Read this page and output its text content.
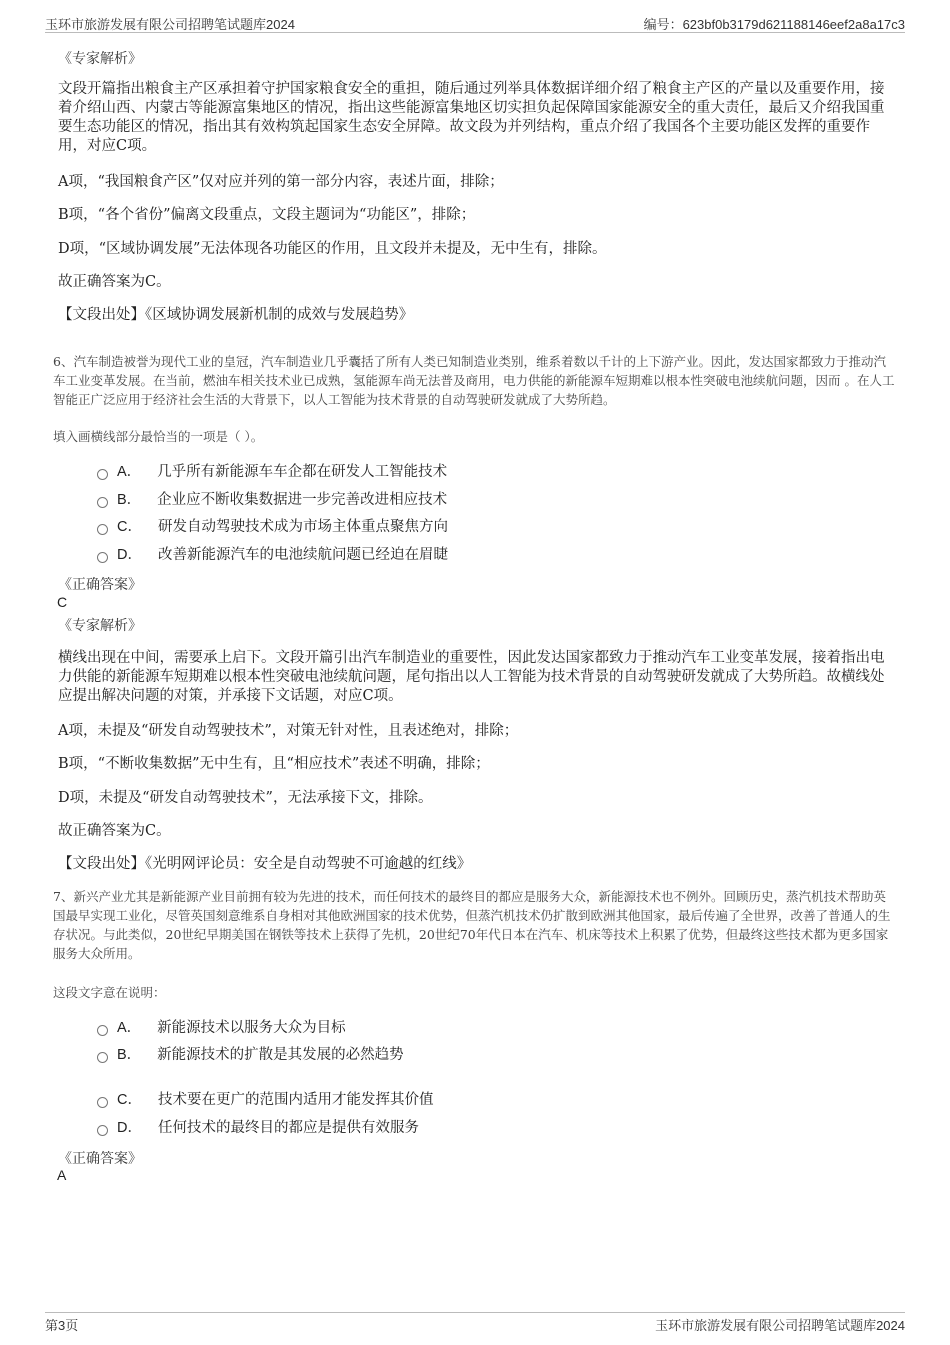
玉环市旅游发展有限公司招聘笔试题库2024	编号：623bf0b3179d621188146eef2a8a17c3
《专家解析》

文段开篇指出粮食主产区承担着守护国家粮食安全的重担，随后通过列举具体数据详细介绍了粮食主产区的产量以及重要作用，接着介绍山西、内蒙古等能源富集地区的情况，指出这些能源富集地区切实担负起保障国家能源安全的重大责任，最后又介绍我国重要生态功能区的情况，指出其有效构筑起国家生态安全屏障。故文段为并列结构，重点介绍了我国各个主要功能区发挥的重要作用，对应C项。

A项，“我国粮食产区”仅对应并列的第一部分内容，表述片面，排除；
B项，“各个省份”偏离文段重点，文段主题词为“功能区”，排除；
D项，“区域协调发展”无法体现各功能区的作用，且文段并未提及，无中生有，排除。
故正确答案为C。
【文段出处】《区域协调发展新机制的成效与发展趋势》

6、汽车制造被誉为现代工业的皇冠，汽车制造业几乎囊括了所有人类已知制造业类别，维系着数以千计的上下游产业。因此，发达国家都致力于推动汽车工业变革发展。在当前，燃油车相关技术业已成熟，氢能源车尚无法普及商用，电力供能的新能源车短期难以根本性突破电池续航问题，因而 。在人工智能正广泛应用于经济社会生活的大背景下，以人工智能为技术背景的自动驾驶研发就成了大势所趋。

填入画横线部分最恰当的一项是（ ）。
A． 几乎所有新能源车车企都在研发人工智能技术
B． 企业应不断收集数据进一步完善改进相应技术
C． 研发自动驾驶技术成为市场主体重点聚焦方向
D． 改善新能源汽车的电池续航问题已经迫在眉睫
《正确答案》
C
《专家解析》

横线出现在中间，需要承上启下。文段开篇引出汽车制造业的重要性，因此发达国家都致力于推动汽车工业变革发展，接着指出电力供能的新能源车短期难以根本性突破电池续航问题，尾句指出以人工智能为技术背景的自动驾驶研发就成了大势所趋。故横线处应提出解决问题的对策，并承接下文话题，对应C项。

A项，未提及“研发自动驾驶技术”，对策无针对性，且表述绝对，排除；
B项，“不断收集数据”无中生有，且“相应技术”表述不明确，排除；
D项，未提及“研发自动驾驶技术”，无法承接下文，排除。
故正确答案为C。
【文段出处】《光明网评论员：安全是自动驾驶不可逾越的红线》

7、新兴产业尤其是新能源产业目前拥有较为先进的技术，而任何技术的最终目的都应是服务大众，新能源技术也不例外。回顾历史，蒸汽机技术帮助英国最早实现工业化，尽管英国刻意维系自身相对其他欧洲国家的技术优势，但蒸汽机技术仍扩散到欧洲其他国家，最后传遍了全世界，改善了普通人的生存状况。与此类似，20世纪早期美国在钢铁等技术上获得了先机，20世纪70年代日本在汽车、机床等技术上积累了优势，但最终这些技术都为更多国家服务大众所用。

这段文字意在说明：
A． 新能源技术以服务大众为目标
B． 新能源技术的扩散是其发展的必然趋势
C． 技术要在更广的范围内适用才能发挥其价值
D． 任何技术的最终目的都应是提供有效服务
《正确答案》
A
第3页	玉环市旅游发展有限公司招聘笔试题库2024
